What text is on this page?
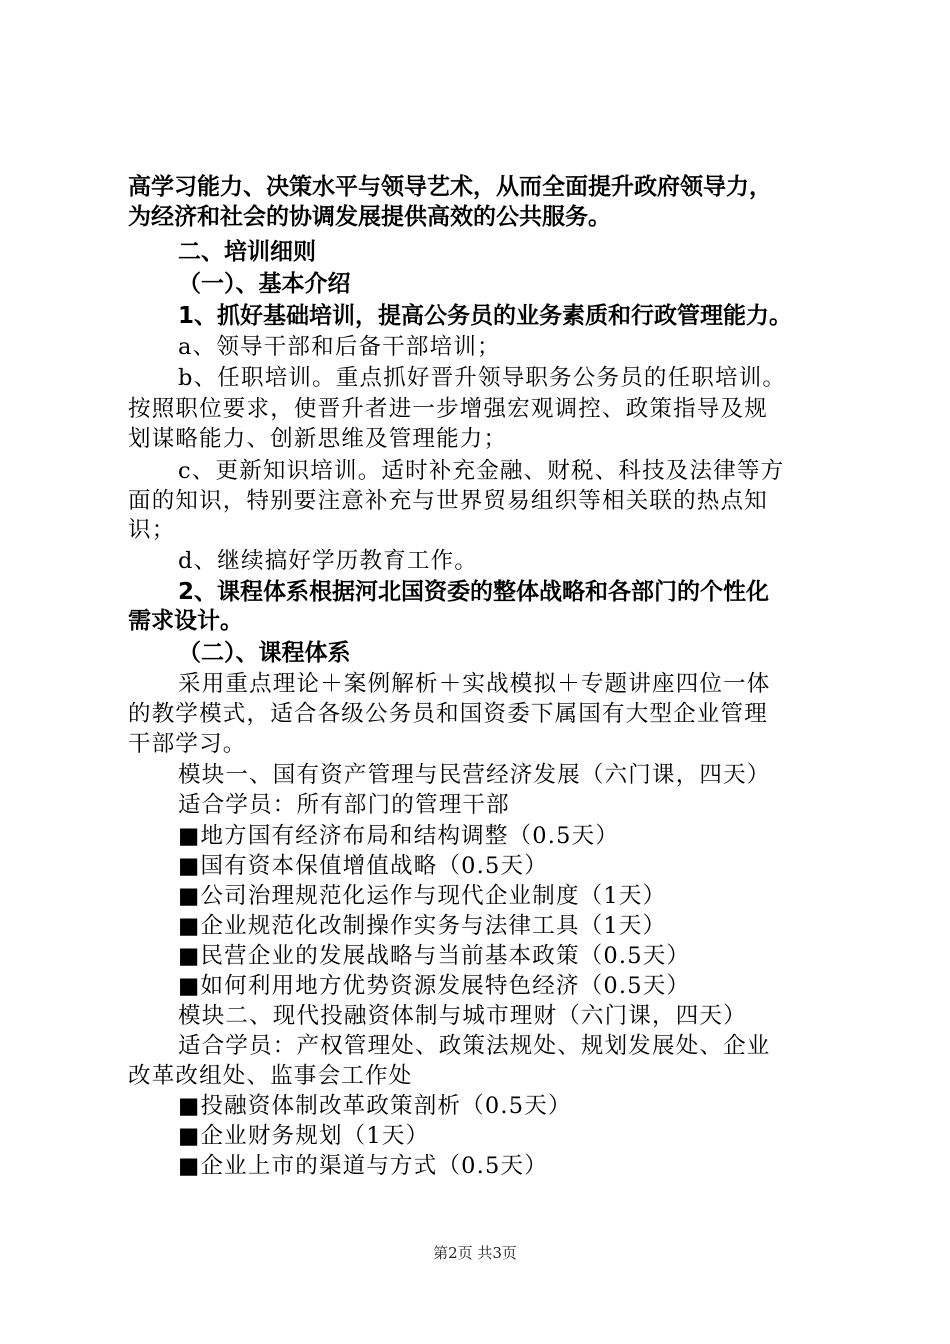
高学习能力、决策水平与领导艺术，从而全面提升政府领导力，
为经济和社会的协调发展提供高效的公共服务。
二、培训细则
（一）、基本介绍
1、抓好基础培训，提高公务员的业务素质和行政管理能力。
a、领导干部和后备干部培训；
b、任职培训。重点抓好晋升领导职务公务员的任职培训。
按照职位要求，使晋升者进一步增强宏观调控、政策指导及规
划谋略能力、创新思维及管理能力；
c、更新知识培训。适时补充金融、财税、科技及法律等方
面的知识，特别要注意补充与世界贸易组织等相关联的热点知
识；
d、继续搞好学历教育工作。
2、课程体系根据河北国资委的整体战略和各部门的个性化
需求设计。
（二）、课程体系
采用重点理论＋案例解析＋实战模拟＋专题讲座四位一体
的教学模式，适合各级公务员和国资委下属国有大型企业管理
干部学习。
模块一、国有资产管理与民营经济发展（六门课，四天）
适合学员：所有部门的管理干部
■地方国有经济布局和结构调整（0.5天）
■国有资本保值增值战略（0.5天）
■公司治理规范化运作与现代企业制度（1天）
■企业规范化改制操作实务与法律工具（1天）
■民营企业的发展战略与当前基本政策（0.5天）
■如何利用地方优势资源发展特色经济（0.5天）
模块二、现代投融资体制与城市理财（六门课，四天）
适合学员：产权管理处、政策法规处、规划发展处、企业
改革改组处、监事会工作处
■投融资体制改革政策剖析（0.5天）
■企业财务规划（1天）
■企业上市的渠道与方式（0.5天）
第2页 共3页
